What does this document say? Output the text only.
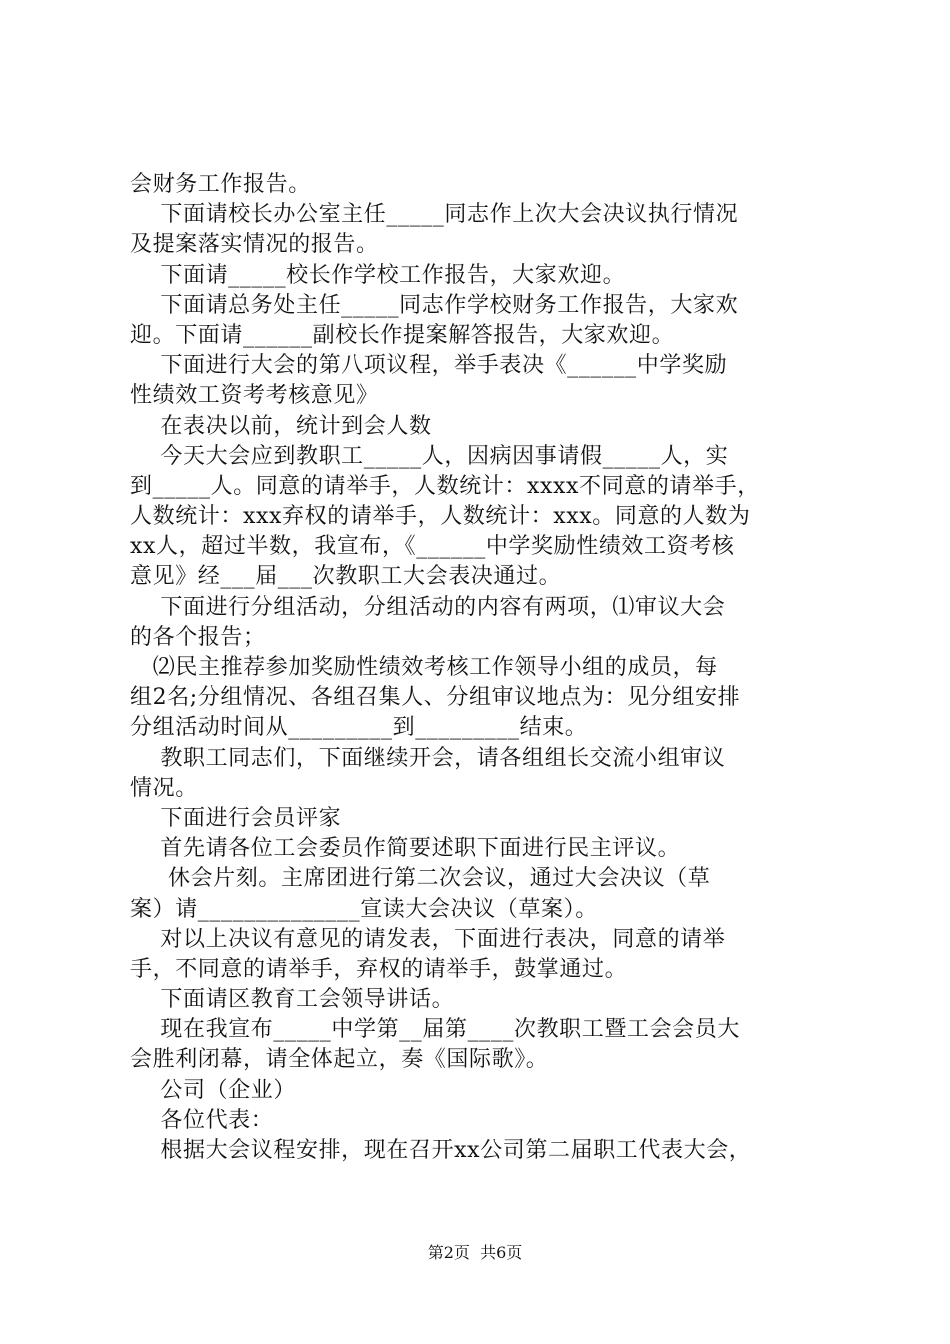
会财务工作报告。
下面请校长办公室主任_____同志作上次大会决议执行情况
及提案落实情况的报告。
下面请_____校长作学校工作报告，大家欢迎。
下面请总务处主任_____同志作学校财务工作报告，大家欢
迎。下面请______副校长作提案解答报告，大家欢迎。
下面进行大会的第八项议程，举手表决《______中学奖励
性绩效工资考考核意见》
在表决以前，统计到会人数
今天大会应到教职工_____人，因病因事请假_____人，实
到_____人。同意的请举手，人数统计：xxxx不同意的请举手，
人数统计：xxx弃权的请举手，人数统计：xxx。同意的人数为
xx人，超过半数，我宣布，《______中学奖励性绩效工资考核
意见》经___届___次教职工大会表决通过。
下面进行分组活动，分组活动的内容有两项，⑴审议大会
的各个报告；
⑵民主推荐参加奖励性绩效考核工作领导小组的成员，每
组2名;分组情况、各组召集人、分组审议地点为：见分组安排
分组活动时间从_________到_________结束。
教职工同志们，下面继续开会，请各组组长交流小组审议
情况。
下面进行会员评家
首先请各位工会委员作简要述职下面进行民主评议。
休会片刻。主席团进行第二次会议，通过大会决议（草
案）请______________宣读大会决议（草案）。
对以上决议有意见的请发表，下面进行表决，同意的请举
手，不同意的请举手，弃权的请举手，鼓掌通过。
下面请区教育工会领导讲话。
现在我宣布_____中学第__届第____次教职工暨工会会员大
会胜利闭幕，请全体起立，奏《国际歌》。
公司（企业）
各位代表：
根据大会议程安排，现在召开xx公司第二届职工代表大会，
第2页  共6页
